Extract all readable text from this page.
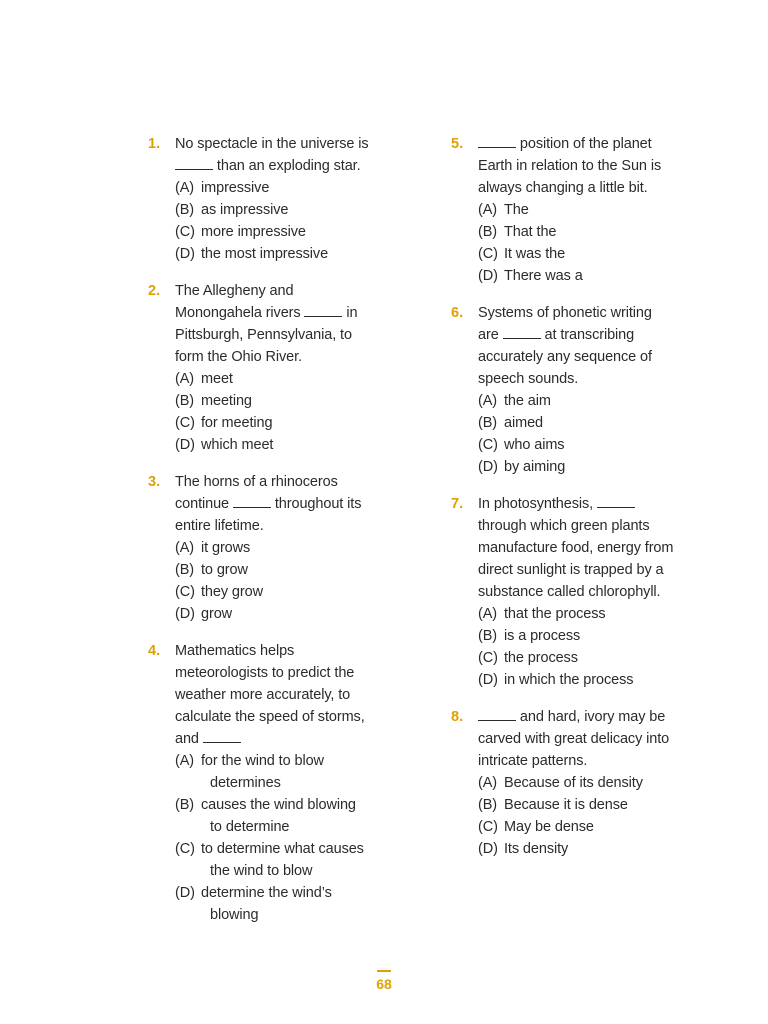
1. No spectacle in the universe is

than an exploding star.

(A) impressive
(B) as impressive
(C) more impressive
(D) the most impressive
2. The Allegheny and

Monongahela rivers	in

Pittsburgh, Pennsylvania, to

form the Ohio River.

(A) meet
(B) meeting
(C) for meeting
(D) which meet
3. The horns of a rhinoceros

continue	throughout its

entire lifetime.

(A) it grows
(B) to grow
(C) they grow
(D) grow
4. Mathematics helps

meteorologists to predict the

weather more accurately, to

calculate the speed of storms,

and

(A) for the wind to blow
determines
(B) causes the wind blowing
to determine
(C) to determine what causes
the wind to blow
(D) determine the wind’s
blowing
5.	position of the planet

Earth in relation to the Sun is

always changing a little bit.

(A) The
(B) That the
(C) It was the
(D) There was a
6. Systems of phonetic writing

are	at transcribing

accurately any sequence of

speech sounds.

(A) the aim
(B) aimed
(C) who aims
(D) by aiming
7. In photosynthesis,

through which green plants

manufacture food, energy from

direct sunlight is trapped by a

substance called chlorophyll.

(A) that the process
(B) is a process
(C) the process
(D) in which the process
8.	and hard, ivory may be

carved with great delicacy into

intricate patterns.

(A) Because of its density
(B) Because it is dense
(C) May be dense
(D) Its density
68
